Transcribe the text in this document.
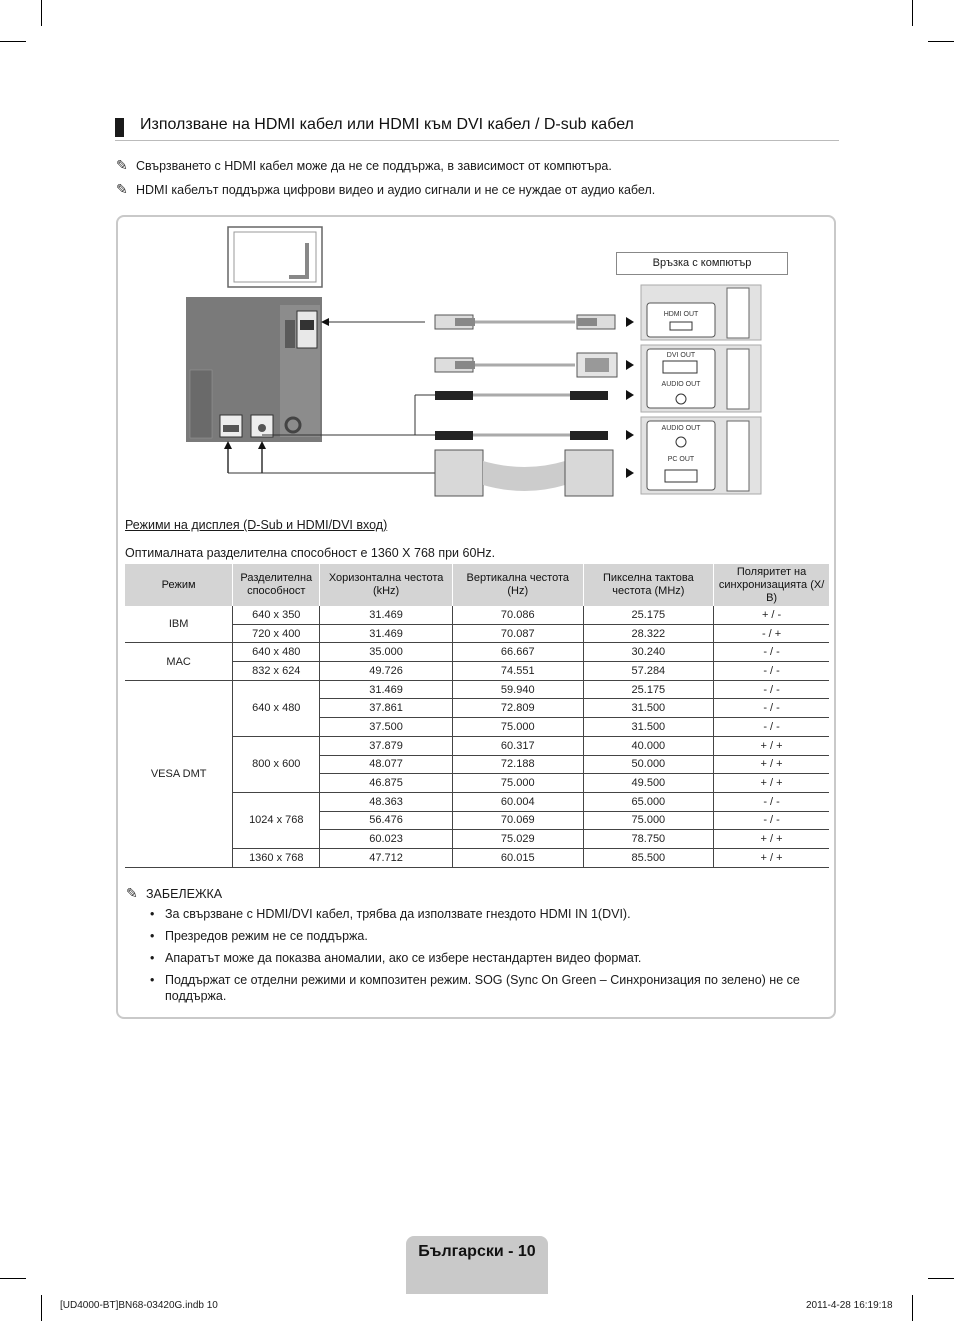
Използване на HDMI кабел или HDMI към DVI кабел / D-sub кабел
✎ Свързването с HDMI кабел може да не се поддържа, в зависимост от компютъра.
✎ HDMI кабелът поддържа цифрови видео и аудио сигнали и не се нуждае от аудио кабел.
HDMI OUT
DVI OUT
AUDIO OUT
AUDIO OUT
PC OUT
Връзка с компютър
Режими на дисплея (D-Sub и HDMI/DVI вход)
Оптималната разделителна способност е 1360 X 768 при 60Hz.
Режим	Разделителна способност	Хоризонтална честота (kHz)	Вертикална честота (Hz)	Пикселна тактова честота (MHz)	Поляритет на синхронизацията (Х/В)
IBM	640 x 350	31.469	70.086	25.175	+ / -
	720 x 400	31.469	70.087	28.322	- / +
MAC	640 x 480	35.000	66.667	30.240	- / -
	832 x 624	49.726	74.551	57.284	- / -
VESA DMT	640 x 480	31.469	59.940	25.175	- / -
		37.861	72.809	31.500	- / -
		37.500	75.000	31.500	- / -
	800 x 600	37.879	60.317	40.000	+ / +
		48.077	72.188	50.000	+ / +
		46.875	75.000	49.500	+ / +
	1024 x 768	48.363	60.004	65.000	- / -
		56.476	70.069	75.000	- / -
		60.023	75.029	78.750	+ / +
	1360 x 768	47.712	60.015	85.500	+ / +
✎ ЗАБЕЛЕЖКА
• За свързване с HDMI/DVI кабел, трябва да използвате гнездото HDMI IN 1(DVI).
• Презредов режим не се поддържа.
• Апаратът може да показва аномалии, ако се избере нестандартен видео формат.
• Поддържат се отделни режими и композитен режим. SOG (Sync On Green – Синхронизация по зелено) не се поддържа.
Български - 10
[UD4000-BT]BN68-03420G.indb 10	2011-4-28 16:19:18
